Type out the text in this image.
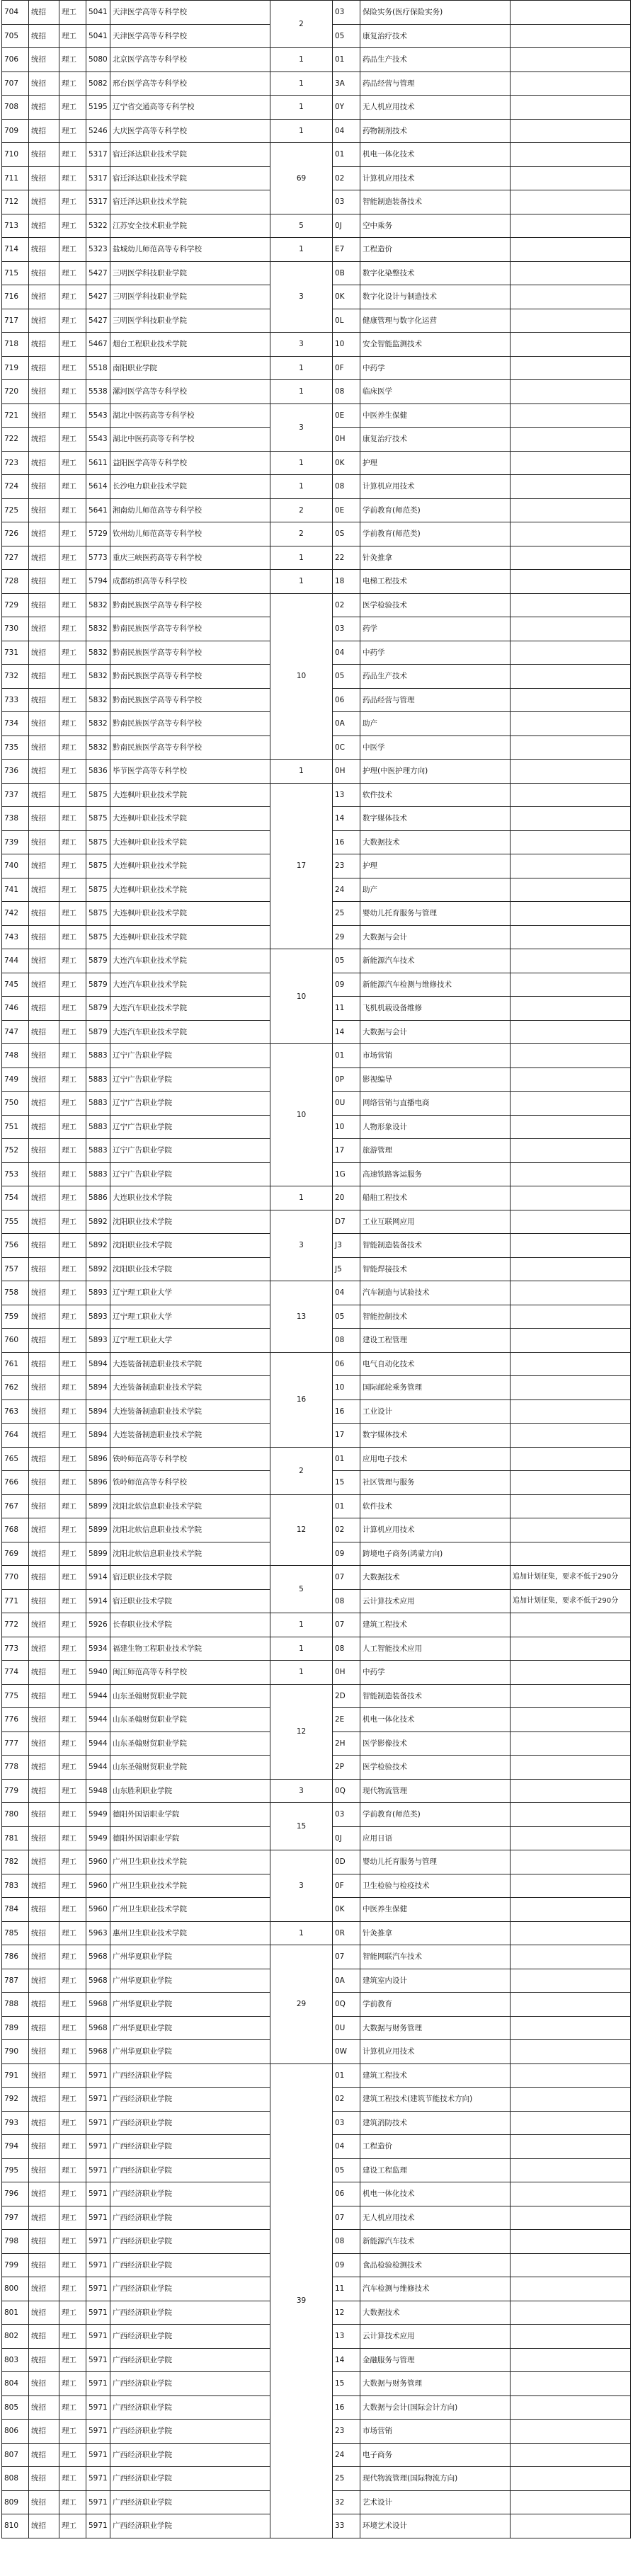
704	统招	理工	5041	天津医学高等专科学校	2	03	保险实务(医疗保险实务)	
705	统招	理工	5041	天津医学高等专科学校		05	康复治疗技术	
706	统招	理工	5080	北京医学高等专科学校	1	01	药品生产技术	
707	统招	理工	5082	邢台医学高等专科学校	1	3A	药品经营与管理	
708	统招	理工	5195	辽宁省交通高等专科学校	1	0Y	无人机应用技术	
709	统招	理工	5246	大庆医学高等专科学校	1	04	药物制剂技术	
710	统招	理工	5317	宿迁泽达职业技术学院	69	01	机电一体化技术	
711	统招	理工	5317	宿迁泽达职业技术学院		02	计算机应用技术	
712	统招	理工	5317	宿迁泽达职业技术学院		03	智能制造装备技术	
713	统招	理工	5322	江苏安全技术职业学院	5	0J	空中乘务	
714	统招	理工	5323	盐城幼儿师范高等专科学校	1	E7	工程造价	
715	统招	理工	5427	三明医学科技职业学院	3	0B	数字化染整技术	
716	统招	理工	5427	三明医学科技职业学院		0K	数字化设计与制造技术	
717	统招	理工	5427	三明医学科技职业学院		0L	健康管理与数字化运营	
718	统招	理工	5467	烟台工程职业技术学院	3	10	安全智能监测技术	
719	统招	理工	5518	南阳职业学院	1	0F	中药学	
720	统招	理工	5538	漯河医学高等专科学校	1	08	临床医学	
721	统招	理工	5543	湖北中医药高等专科学校	3	0E	中医养生保健	
722	统招	理工	5543	湖北中医药高等专科学校		0H	康复治疗技术	
723	统招	理工	5611	益阳医学高等专科学校	1	0K	护理	
724	统招	理工	5614	长沙电力职业技术学院	1	08	计算机应用技术	
725	统招	理工	5641	湘南幼儿师范高等专科学校	2	0E	学前教育(师范类)	
726	统招	理工	5729	钦州幼儿师范高等专科学校	2	0S	学前教育(师范类)	
727	统招	理工	5773	重庆三峡医药高等专科学校	1	22	针灸推拿	
728	统招	理工	5794	成都纺织高等专科学校	1	18	电梯工程技术	
729	统招	理工	5832	黔南民族医学高等专科学校	10	02	医学检验技术	
730	统招	理工	5832	黔南民族医学高等专科学校		03	药学	
731	统招	理工	5832	黔南民族医学高等专科学校		04	中药学	
732	统招	理工	5832	黔南民族医学高等专科学校		05	药品生产技术	
733	统招	理工	5832	黔南民族医学高等专科学校		06	药品经营与管理	
734	统招	理工	5832	黔南民族医学高等专科学校		0A	助产	
735	统招	理工	5832	黔南民族医学高等专科学校		0C	中医学	
736	统招	理工	5836	毕节医学高等专科学校	1	0H	护理(中医护理方向)	
737	统招	理工	5875	大连枫叶职业技术学院	17	13	软件技术	
738	统招	理工	5875	大连枫叶职业技术学院		14	数字媒体技术	
739	统招	理工	5875	大连枫叶职业技术学院		16	大数据技术	
740	统招	理工	5875	大连枫叶职业技术学院		23	护理	
741	统招	理工	5875	大连枫叶职业技术学院		24	助产	
742	统招	理工	5875	大连枫叶职业技术学院		25	婴幼儿托育服务与管理	
743	统招	理工	5875	大连枫叶职业技术学院		29	大数据与会计	
744	统招	理工	5879	大连汽车职业技术学院	10	05	新能源汽车技术	
745	统招	理工	5879	大连汽车职业技术学院		09	新能源汽车检测与维修技术	
746	统招	理工	5879	大连汽车职业技术学院		11	飞机机载设备维修	
747	统招	理工	5879	大连汽车职业技术学院		14	大数据与会计	
748	统招	理工	5883	辽宁广告职业学院	10	01	市场营销	
749	统招	理工	5883	辽宁广告职业学院		0P	影视编导	
750	统招	理工	5883	辽宁广告职业学院		0U	网络营销与直播电商	
751	统招	理工	5883	辽宁广告职业学院		10	人物形象设计	
752	统招	理工	5883	辽宁广告职业学院		17	旅游管理	
753	统招	理工	5883	辽宁广告职业学院		1G	高速铁路客运服务	
754	统招	理工	5886	大连职业技术学院	1	20	船舶工程技术	
755	统招	理工	5892	沈阳职业技术学院	3	D7	工业互联网应用	
756	统招	理工	5892	沈阳职业技术学院		J3	智能制造装备技术	
757	统招	理工	5892	沈阳职业技术学院		J5	智能焊接技术	
758	统招	理工	5893	辽宁理工职业大学	13	04	汽车制造与试验技术	
759	统招	理工	5893	辽宁理工职业大学		05	智能控制技术	
760	统招	理工	5893	辽宁理工职业大学		08	建设工程管理	
761	统招	理工	5894	大连装备制造职业技术学院	16	06	电气自动化技术	
762	统招	理工	5894	大连装备制造职业技术学院		10	国际邮轮乘务管理	
763	统招	理工	5894	大连装备制造职业技术学院		16	工业设计	
764	统招	理工	5894	大连装备制造职业技术学院		17	数字媒体技术	
765	统招	理工	5896	铁岭师范高等专科学校	2	01	应用电子技术	
766	统招	理工	5896	铁岭师范高等专科学校		15	社区管理与服务	
767	统招	理工	5899	沈阳北软信息职业技术学院	12	01	软件技术	
768	统招	理工	5899	沈阳北软信息职业技术学院		02	计算机应用技术	
769	统招	理工	5899	沈阳北软信息职业技术学院		09	跨境电子商务(鸿蒙方向)	
770	统招	理工	5914	宿迁职业技术学院	5	07	大数据技术	追加计划征集，要求不低于290分
771	统招	理工	5914	宿迁职业技术学院		08	云计算技术应用	追加计划征集，要求不低于290分
772	统招	理工	5926	长春职业技术学院	1	07	建筑工程技术	
773	统招	理工	5934	福建生物工程职业技术学院	1	08	人工智能技术应用	
774	统招	理工	5940	闽江师范高等专科学校	1	0H	中药学	
775	统招	理工	5944	山东圣翰财贸职业学院	12	2D	智能制造装备技术	
776	统招	理工	5944	山东圣翰财贸职业学院		2E	机电一体化技术	
777	统招	理工	5944	山东圣翰财贸职业学院		2H	医学影像技术	
778	统招	理工	5944	山东圣翰财贸职业学院		2P	医学检验技术	
779	统招	理工	5948	山东胜利职业学院	3	0Q	现代物流管理	
780	统招	理工	5949	德阳外国语职业学院	15	03	学前教育(师范类)	
781	统招	理工	5949	德阳外国语职业学院		0J	应用日语	
782	统招	理工	5960	广州卫生职业技术学院	3	0D	婴幼儿托育服务与管理	
783	统招	理工	5960	广州卫生职业技术学院		0F	卫生检验与检疫技术	
784	统招	理工	5960	广州卫生职业技术学院		0K	中医养生保健	
785	统招	理工	5963	惠州卫生职业技术学院	1	0R	针灸推拿	
786	统招	理工	5968	广州华夏职业学院	29	07	智能网联汽车技术	
787	统招	理工	5968	广州华夏职业学院		0A	建筑室内设计	
788	统招	理工	5968	广州华夏职业学院		0Q	学前教育	
789	统招	理工	5968	广州华夏职业学院		0U	大数据与财务管理	
790	统招	理工	5968	广州华夏职业学院		0W	计算机应用技术	
791	统招	理工	5971	广西经济职业学院	39	01	建筑工程技术	
792	统招	理工	5971	广西经济职业学院		02	建筑工程技术(建筑节能技术方向)	
793	统招	理工	5971	广西经济职业学院		03	建筑消防技术	
794	统招	理工	5971	广西经济职业学院		04	工程造价	
795	统招	理工	5971	广西经济职业学院		05	建设工程监理	
796	统招	理工	5971	广西经济职业学院		06	机电一体化技术	
797	统招	理工	5971	广西经济职业学院		07	无人机应用技术	
798	统招	理工	5971	广西经济职业学院		08	新能源汽车技术	
799	统招	理工	5971	广西经济职业学院		09	食品检验检测技术	
800	统招	理工	5971	广西经济职业学院		11	汽车检测与维修技术	
801	统招	理工	5971	广西经济职业学院		12	大数据技术	
802	统招	理工	5971	广西经济职业学院		13	云计算技术应用	
803	统招	理工	5971	广西经济职业学院		14	金融服务与管理	
804	统招	理工	5971	广西经济职业学院		15	大数据与财务管理	
805	统招	理工	5971	广西经济职业学院		16	大数据与会计(国际会计方向)	
806	统招	理工	5971	广西经济职业学院		23	市场营销	
807	统招	理工	5971	广西经济职业学院		24	电子商务	
808	统招	理工	5971	广西经济职业学院		25	现代物流管理(国际物流方向)	
809	统招	理工	5971	广西经济职业学院		32	艺术设计	
810	统招	理工	5971	广西经济职业学院		33	环境艺术设计	
